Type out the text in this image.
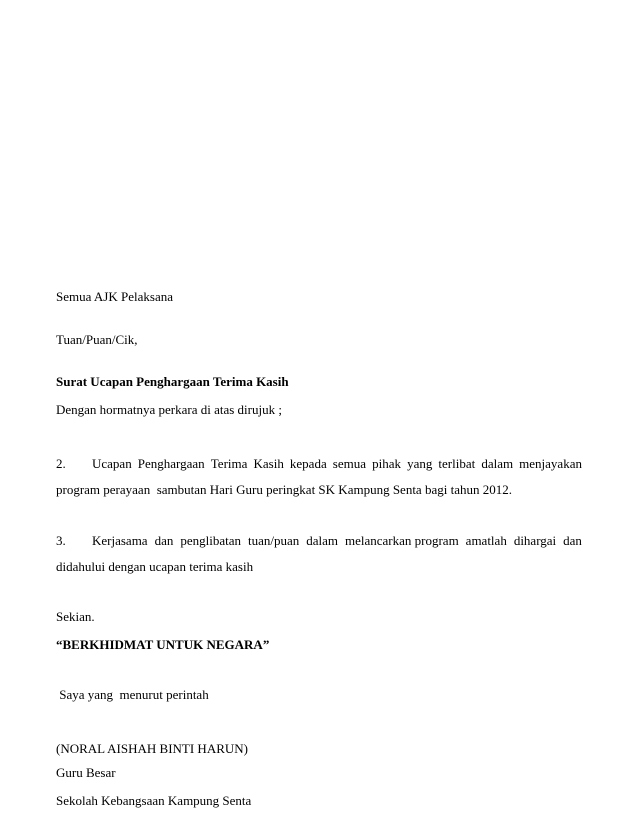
Semua AJK Pelaksana
Tuan/Puan/Cik,
Surat Ucapan Penghargaan Terima Kasih
Dengan hormatnya perkara di atas dirujuk ;
2. Ucapan Penghargaan Terima Kasih kepada semua pihak yang terlibat dalam menjayakan
program perayaan  sambutan Hari Guru peringkat SK Kampung Senta bagi tahun 2012.
3. Kerjasama dan penglibatan tuan/puan dalam melancarkan program amatlah dihargai dan
didahului dengan ucapan terima kasih
Sekian.
“BERKHIDMAT UNTUK NEGARA”
Saya yang  menurut perintah
(NORAL AISHAH BINTI HARUN)
Guru Besar
Sekolah Kebangsaan Kampung Senta
